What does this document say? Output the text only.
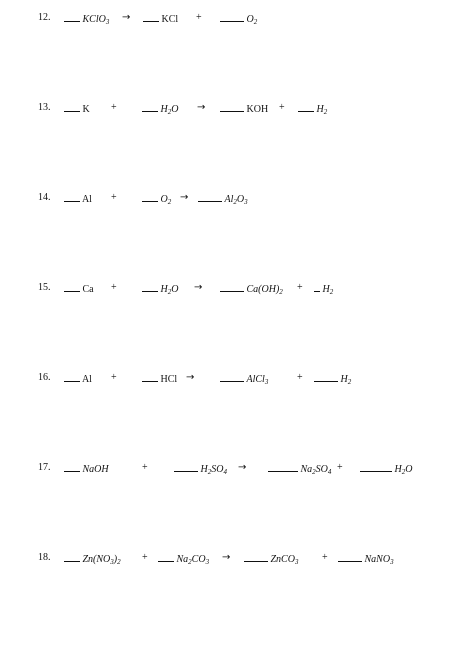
12.	KClO$_3$ →	KCl +	$O_2$
13.	K +	$H_2O$ →	KOH +	$H_2$
14.	Al +	$O_2$ →	$Al_2O_3$
15.	Ca +	$H_2O$ →	$Ca(OH)_2$ +	$H_2$
16.	Al +	HCl →	AlCl$_3$	+	$H_2$
17.	NaOH	+	$H_2SO_4$ →	$Na_2SO_4$ +	$H_2O$
18.	$Zn(NO_3)_2$ +	$Na_2CO_3$ →	ZnCO$_3$ +	NaNO$_3$
